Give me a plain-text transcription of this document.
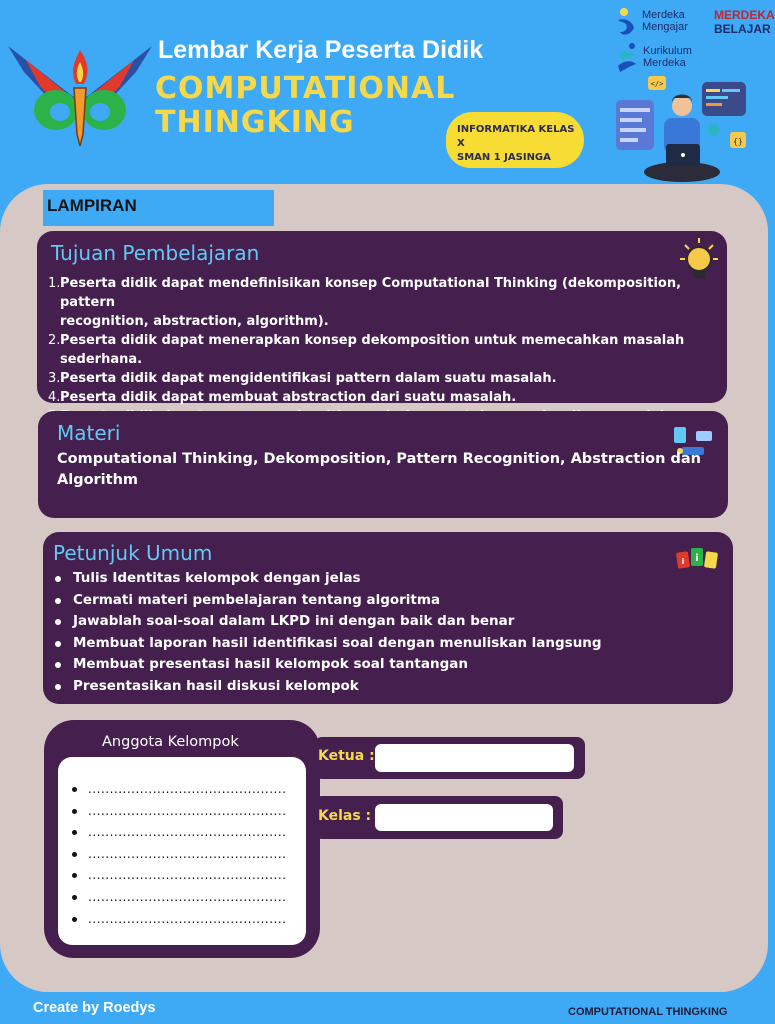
Lembar Kerja Peserta Didik
COMPUTATIONAL
THINGKING	INFORMATIKA KELAS X
SMAN 1 JASINGA
Merdeka
Mengajar
MERDEKA
BELAJAR
Kurikulum
Merdeka
</>
{}
LAMPIRAN
Tujuan Pembelajaran
1. Peserta didik dapat mendefinisikan konsep Computational Thinking (dekomposition, pattern
recognition, abstraction, algorithm).
2. Peserta didik dapat menerapkan konsep dekomposition untuk memecahkan masalah sederhana.
3. Peserta didik dapat mengidentifikasi pattern dalam suatu masalah.
4. Peserta didik dapat membuat abstraction dari suatu masalah.
Materi
Computational Thinking, Dekomposition, Pattern Recognition, Abstraction dan
Algorithm
Petunjuk Umum	i
i
Tulis Identitas kelompok dengan jelas
Cermati materi pembelajaran tentang algoritma
Jawablah soal-soal dalam LKPD ini dengan baik dan benar
Membuat laporan hasil identifikasi soal dengan menuliskan langsung
Membuat presentasi hasil kelompok soal tantangan
Presentasikan hasil diskusi kelompok
Anggota Kelompok
..............................................
..............................................
..............................................
..............................................
..............................................
..............................................
..............................................
Ketua :
Kelas :
Create by Roedys	COMPUTATIONAL THINGKING
